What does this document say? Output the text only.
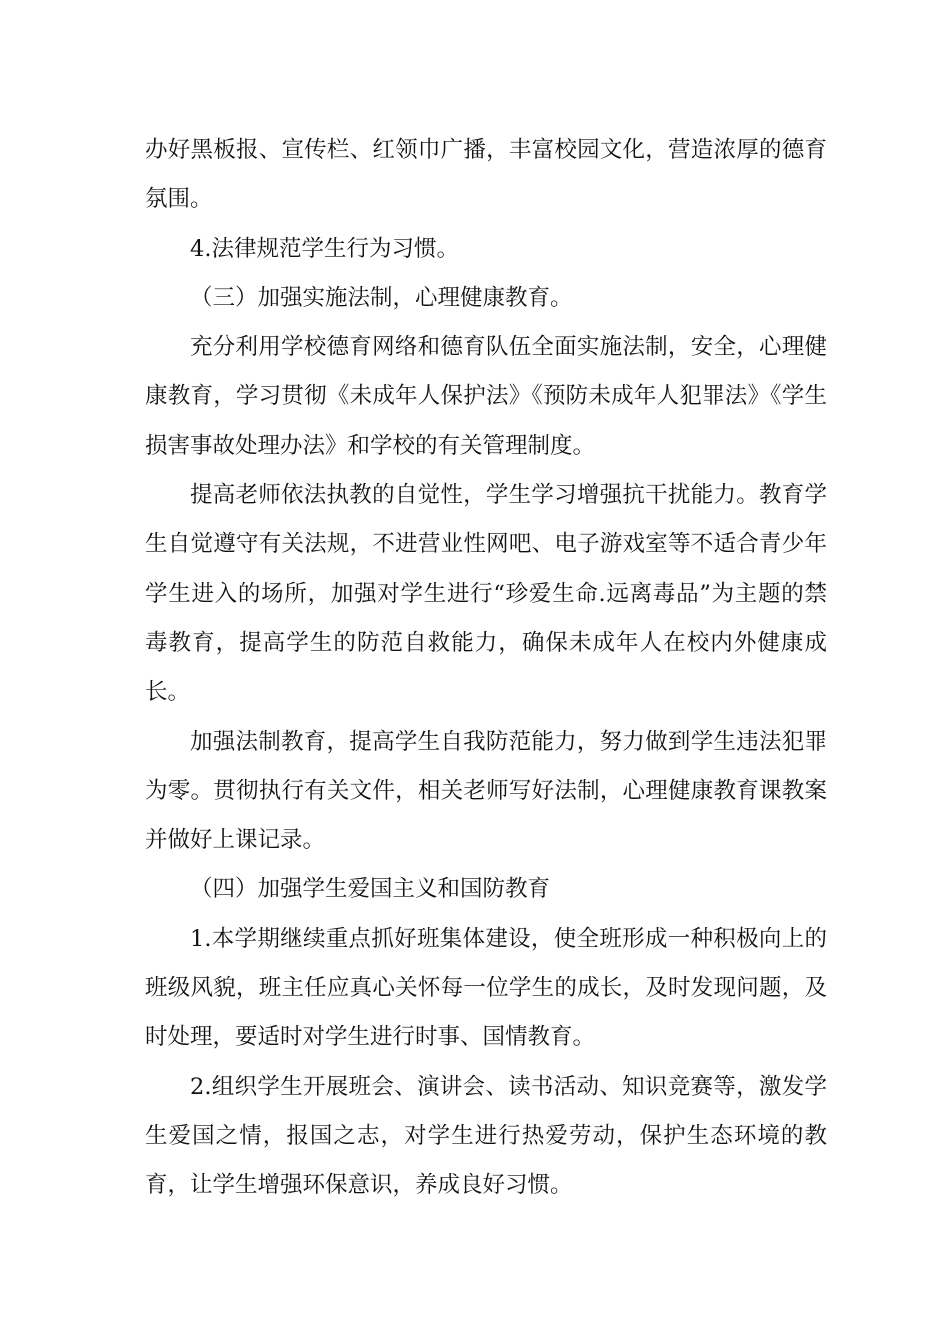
办好黑板报、宣传栏、红领巾广播，丰富校园文化，营造浓厚的德育氛围。

4.法律规范学生行为习惯。

（三）加强实施法制，心理健康教育。

充分利用学校德育网络和德育队伍全面实施法制，安全，心理健康教育，学习贯彻《未成年人保护法》《预防未成年人犯罪法》《学生损害事故处理办法》和学校的有关管理制度。

提高老师依法执教的自觉性，学生学习增强抗干扰能力。教育学生自觉遵守有关法规，不进营业性网吧、电子游戏室等不适合青少年学生进入的场所，加强对学生进行“珍爱生命.远离毒品”为主题的禁毒教育，提高学生的防范自救能力，确保未成年人在校内外健康成长。

加强法制教育，提高学生自我防范能力，努力做到学生违法犯罪为零。贯彻执行有关文件，相关老师写好法制，心理健康教育课教案并做好上课记录。

（四）加强学生爱国主义和国防教育

1.本学期继续重点抓好班集体建设，使全班形成一种积极向上的班级风貌，班主任应真心关怀每一位学生的成长，及时发现问题，及时处理，要适时对学生进行时事、国情教育。

2.组织学生开展班会、演讲会、读书活动、知识竞赛等，激发学生爱国之情，报国之志，对学生进行热爱劳动，保护生态环境的教育，让学生增强环保意识，养成良好习惯。
